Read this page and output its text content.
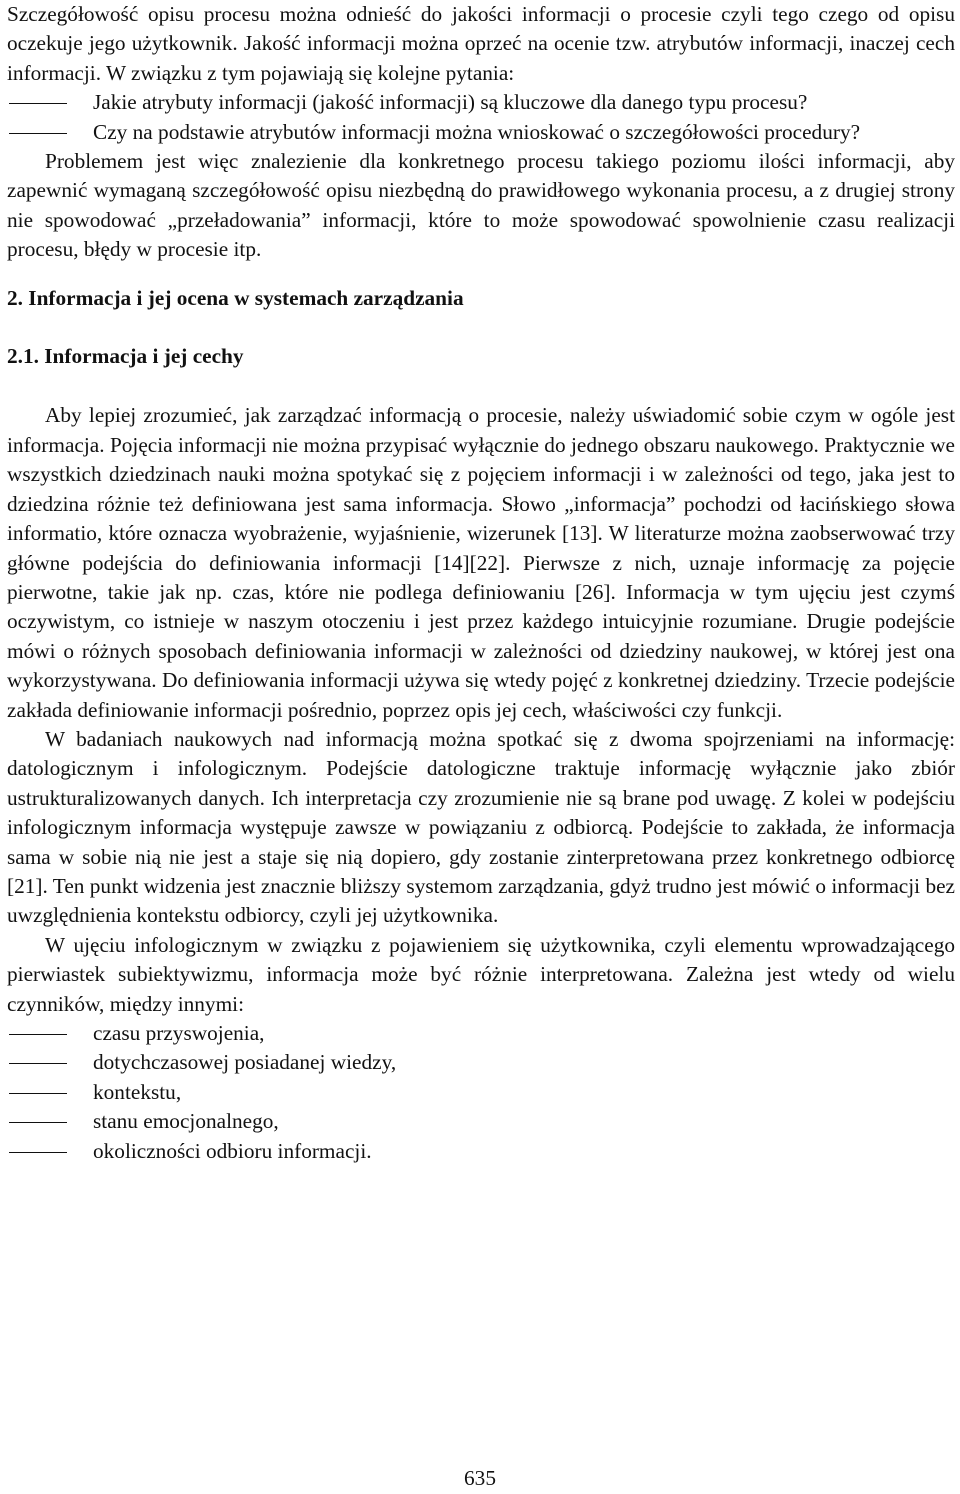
Szczegółowość opisu procesu można odnieść do jakości informacji o procesie czyli tego czego od opisu oczekuje jego użytkownik. Jakość informacji można oprzeć na ocenie tzw. atrybutów informacji, inaczej cech informacji. W związku z tym pojawiają się kolejne pytania:

Jakie atrybuty informacji (jakość informacji) są kluczowe dla danego typu procesu?
Czy na podstawie atrybutów informacji można wnioskować o szczegółowości procedury?

Problemem jest więc znalezienie dla konkretnego procesu takiego poziomu ilości informacji, aby zapewnić wymaganą szczegółowość opisu niezbędną do prawidłowego wykonania procesu, a z drugiej strony nie spowodować „przeładowania” informacji, które to może spowodować spowolnienie czasu realizacji procesu, błędy w procesie itp.

2. Informacja i jej ocena w systemach zarządzania

2.1. Informacja i jej cechy

Aby lepiej zrozumieć, jak zarządzać informacją o procesie, należy uświadomić sobie czym w ogóle jest informacja. Pojęcia informacji nie można przypisać wyłącznie do jednego obszaru naukowego. Praktycznie we wszystkich dziedzinach nauki można spotykać się z pojęciem informacji i w zależności od tego, jaka jest to dziedzina różnie też definiowana jest sama informacja. Słowo „informacja” pochodzi od łacińskiego słowa informatio, które oznacza wyobrażenie, wyjaśnienie, wizerunek [13]. W literaturze można zaobserwować trzy główne podejścia do definiowania informacji [14][22]. Pierwsze z nich, uznaje informację za pojęcie pierwotne, takie jak np. czas, które nie podlega definiowaniu [26]. Informacja w tym ujęciu jest czymś oczywistym, co istnieje w naszym otoczeniu i jest przez każdego intuicyjnie rozumiane. Drugie podejście mówi o różnych sposobach definiowania informacji w zależności od dziedziny naukowej, w której jest ona wykorzystywana. Do definiowania informacji używa się wtedy pojęć z konkretnej dziedziny. Trzecie podejście zakłada definiowanie informacji pośrednio, poprzez opis jej cech, właściwości czy funkcji.

W badaniach naukowych nad informacją można spotkać się z dwoma spojrzeniami na informację: datologicznym i infologicznym. Podejście datologiczne traktuje informację wyłącznie jako zbiór ustrukturalizowanych danych. Ich interpretacja czy zrozumienie nie są brane pod uwagę. Z kolei w podejściu infologicznym informacja występuje zawsze w powiązaniu z odbiorcą. Podejście to zakłada, że informacja sama w sobie nią nie jest a staje się nią dopiero, gdy zostanie zinterpretowana przez konkretnego odbiorcę [21]. Ten punkt widzenia jest znacznie bliższy systemom zarządzania, gdyż trudno jest mówić o informacji bez uwzględnienia kontekstu odbiorcy, czyli jej użytkownika.

W ujęciu infologicznym w związku z pojawieniem się użytkownika, czyli elementu wprowadzającego pierwiastek subiektywizmu, informacja może być różnie interpretowana. Zależna jest wtedy od wielu czynników, między innymi:

czasu przyswojenia,
dotychczasowej posiadanej wiedzy,
kontekstu,
stanu emocjonalnego,
okoliczności odbioru informacji.
635
